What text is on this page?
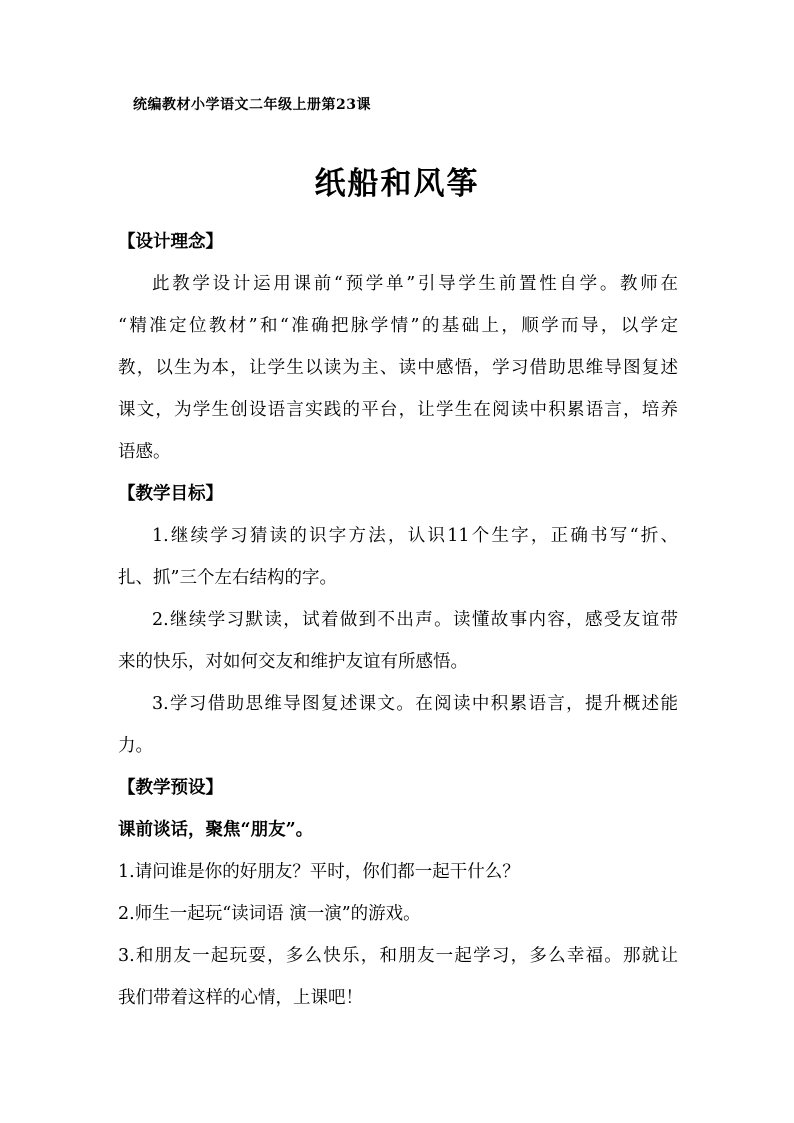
统编教材小学语文二年级上册第23课
纸船和风筝
【设计理念】
此教学设计运用课前“预学单”引导学生前置性自学。教师在
“精准定位教材”和“准确把脉学情”的基础上，顺学而导，以学定
教，以生为本，让学生以读为主、读中感悟，学习借助思维导图复述
课文，为学生创设语言实践的平台，让学生在阅读中积累语言，培养
语感。
【教学目标】
1.继续学习猜读的识字方法，认识11个生字，正确书写“折、
扎、抓”三个左右结构的字。
2.继续学习默读，试着做到不出声。读懂故事内容，感受友谊带
来的快乐，对如何交友和维护友谊有所感悟。
3.学习借助思维导图复述课文。在阅读中积累语言，提升概述能
力。
【教学预设】
课前谈话，聚焦“朋友”。
1.请问谁是你的好朋友？平时，你们都一起干什么？
2.师生一起玩“读词语 演一演”的游戏。
3.和朋友一起玩耍，多么快乐，和朋友一起学习，多么幸福。那就让
我们带着这样的心情，上课吧！
